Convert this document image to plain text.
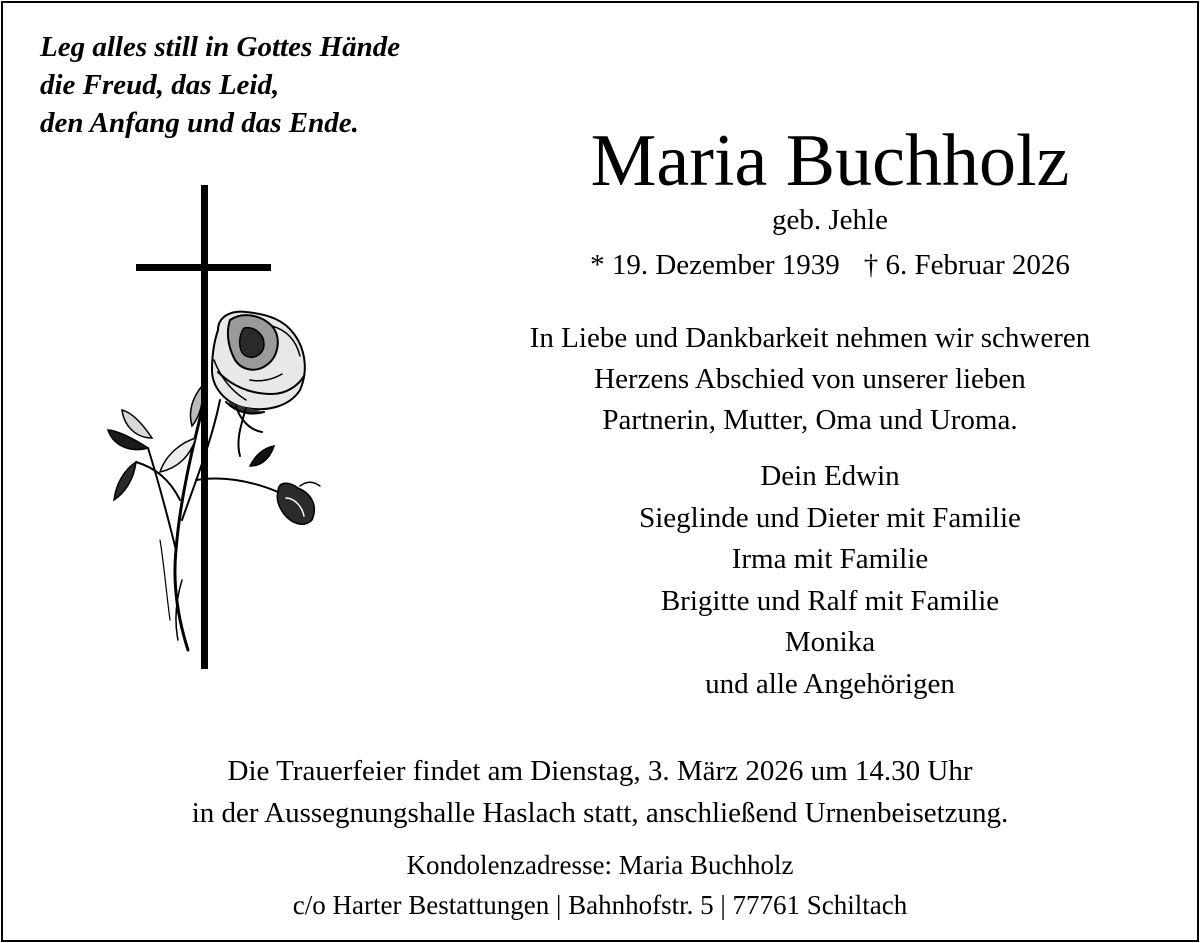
Leg alles still in Gottes Hände
die Freud, das Leid,
den Anfang und das Ende.	Maria Buchholz
geb. Jehle
* 19. Dezember 1939 † 6. Februar 2026
In Liebe und Dankbarkeit nehmen wir schweren
Herzens Abschied von unserer lieben
Partnerin, Mutter, Oma und Uroma.
Dein Edwin
Sieglinde und Dieter mit Familie
Irma mit Familie
Brigitte und Ralf mit Familie
Monika
und alle Angehörigen
Die Trauerfeier findet am Dienstag, 3. März 2026 um 14.30 Uhr
in der Aussegnungshalle Haslach statt, anschließend Urnenbeisetzung.
Kondolenzadresse: Maria Buchholz
c/o Harter Bestattungen | Bahnhofstr. 5 | 77761 Schiltach
